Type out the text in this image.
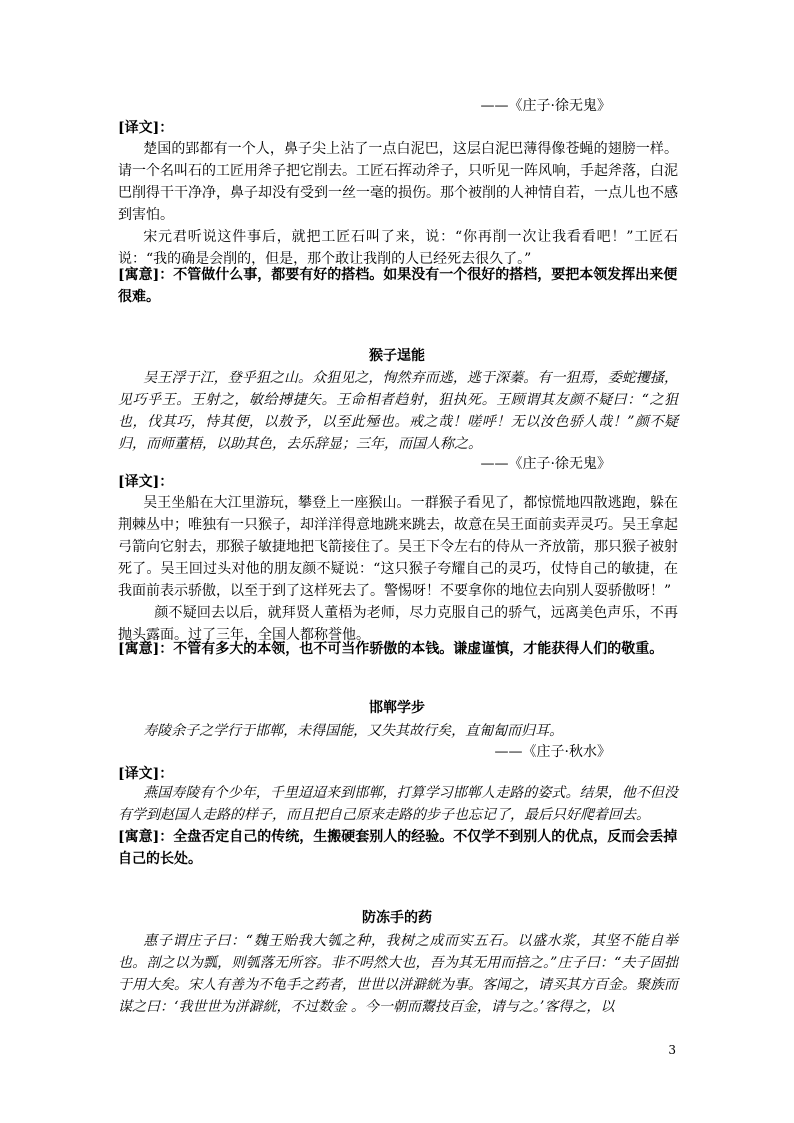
——《庄子·徐无鬼》
[译文]：

楚国的郢都有一个人，鼻子尖上沾了一点白泥巴，这层白泥巴薄得像苍蝇的翅膀一样。请一个名叫石的工匠用斧子把它削去。工匠石挥动斧子，只听见一阵风响，手起斧落，白泥巴削得干干净净，鼻子却没有受到一丝一毫的损伤。那个被削的人神情自若，一点儿也不感到害怕。

宋元君听说这件事后，就把工匠石叫了来，说：“你再削一次让我看看吧！”工匠石说：“我的确是会削的，但是，那个敢让我削的人已经死去很久了。”

[寓意]：不管做什么事，都要有好的搭档。如果没有一个很好的搭档，要把本领发挥出来便很难。

猴子逞能

吴王浮于江，登乎狙之山。众狙见之，恂然弃而逃，逃于深蓁。有一狙焉，委蛇攫搔，见巧乎王。王射之，敏给搏捷矢。王命相者趋射，狙执死。王顾谓其友颜不疑曰：“之狙也，伐其巧，恃其便，以敖予，以至此殛也。戒之哉！嗟呼！无以汝色骄人哉！”颜不疑归，而师董梧，以助其色，去乐辞显；三年，而国人称之。

——《庄子·徐无鬼》
[译文]：

吴王坐船在大江里游玩，攀登上一座猴山。一群猴子看见了，都惊慌地四散逃跑，躲在荆棘丛中；唯独有一只猴子，却洋洋得意地跳来跳去，故意在吴王面前卖弄灵巧。吴王拿起弓箭向它射去，那猴子敏捷地把飞箭接住了。吴王下令左右的侍从一齐放箭，那只猴子被射死了。吴王回过头对他的朋友颜不疑说：“这只猴子夸耀自己的灵巧，仗恃自己的敏捷，在我面前表示骄傲，以至于到了这样死去了。警惕呀！不要拿你的地位去向别人耍骄傲呀！”

颜不疑回去以后，就拜贤人董梧为老师，尽力克服自己的骄气，远离美色声乐，不再抛头露面。过了三年，全国人都称誉他。

[寓意]：不管有多大的本领，也不可当作骄傲的本钱。谦虚谨慎，才能获得人们的敬重。

邯郸学步

寿陵余子之学行于邯郸，未得国能，又失其故行矣，直匍匐而归耳。

——《庄子·秋水》
[译文]：

燕国寿陵有个少年，千里迢迢来到邯郸，打算学习邯郸人走路的姿式。结果，他不但没有学到赵国人走路的样子，而且把自己原来走路的步子也忘记了，最后只好爬着回去。

[寓意]：全盘否定自己的传统，生搬硬套别人的经验。不仅学不到别人的优点，反而会丢掉自己的长处。

防冻手的药

惠子谓庄子曰：“魏王贻我大瓠之种，我树之成而实五石。以盛水浆，其坚不能自举也。剖之以为瓢，则瓠落无所容。非不呺然大也，吾为其无用而掊之。”庄子曰：“夫子固拙于用大矣。宋人有善为不龟手之药者，世世以洴澼絖为事。客闻之，请买其方百金。聚族而谋之曰：‘我世世为洴澼絖，不过数金 。今一朝而鬻技百金，请与之。’客得之，以

3
